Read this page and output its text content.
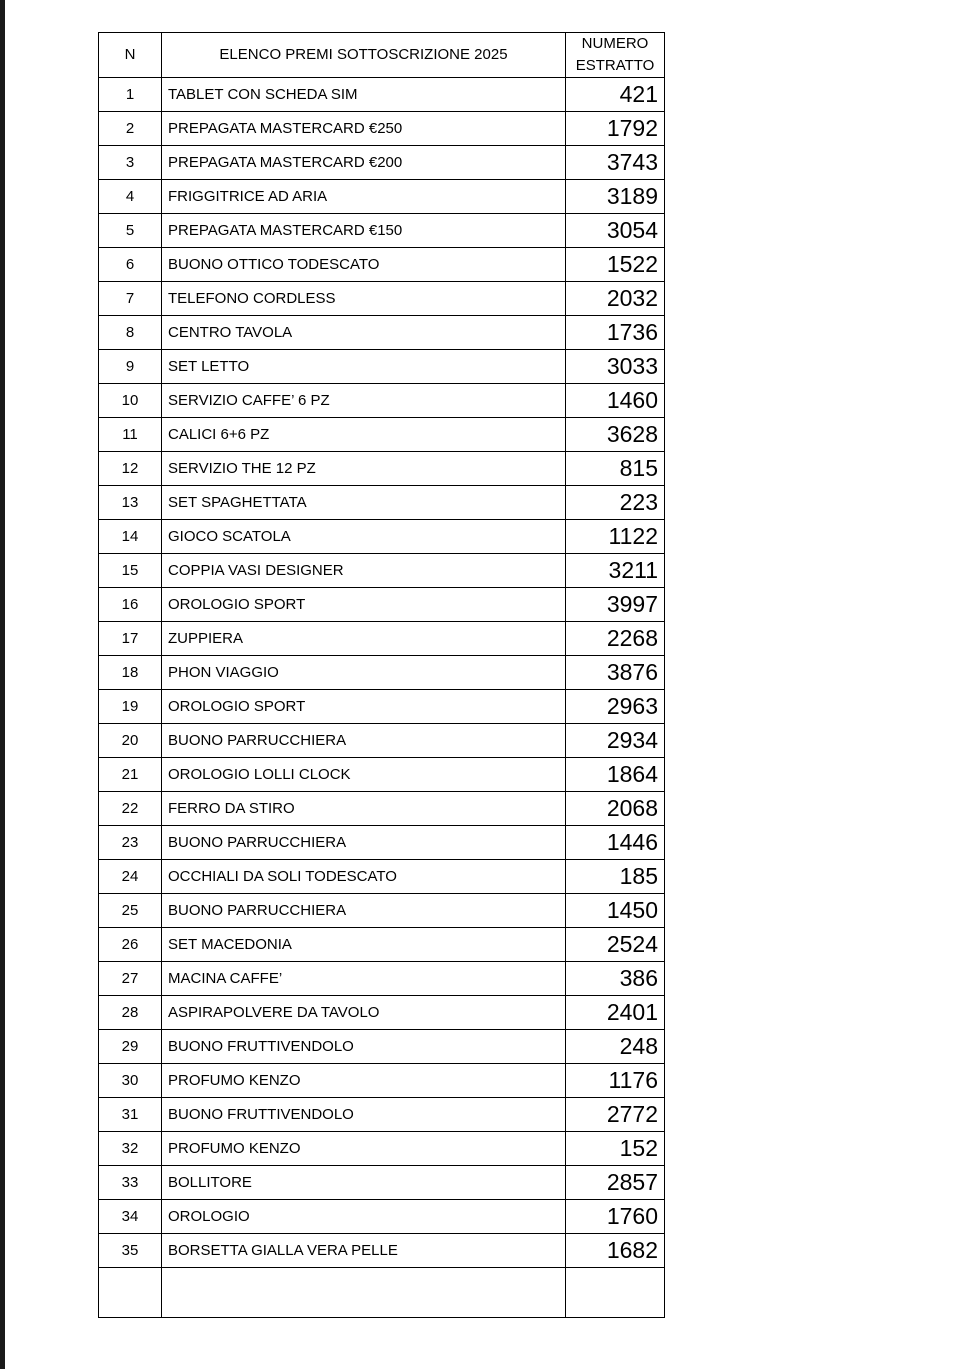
N	ELENCO PREMI SOTTOSCRIZIONE 2025	NUMERO
ESTRATTO

1	TABLET CON SCHEDA SIM	421
2	PREPAGATA MASTERCARD €250	1792
3	PREPAGATA MASTERCARD €200	3743
4	FRIGGITRICE AD ARIA	3189
5	PREPAGATA MASTERCARD €150	3054
6	BUONO OTTICO TODESCATO	1522
7	TELEFONO CORDLESS	2032
8	CENTRO TAVOLA	1736
9	SET LETTO	3033
10	SERVIZIO CAFFE’ 6 PZ	1460
11	CALICI 6+6 PZ	3628
12	SERVIZIO THE 12 PZ	815
13	SET SPAGHETTATA	223
14	GIOCO SCATOLA	1122
15	COPPIA VASI DESIGNER	3211
16	OROLOGIO SPORT	3997
17	ZUPPIERA	2268
18	PHON VIAGGIO	3876
19	OROLOGIO SPORT	2963
20	BUONO PARRUCCHIERA	2934
21	OROLOGIO LOLLI CLOCK	1864
22	FERRO DA STIRO	2068
23	BUONO PARRUCCHIERA	1446
24	OCCHIALI DA SOLI TODESCATO	185
25	BUONO PARRUCCHIERA	1450
26	SET MACEDONIA	2524
27	MACINA CAFFE’	386
28	ASPIRAPOLVERE DA TAVOLO	2401
29	BUONO FRUTTIVENDOLO	248
30	PROFUMO KENZO	1176
31	BUONO FRUTTIVENDOLO	2772
32	PROFUMO KENZO	152
33	BOLLITORE	2857
34	OROLOGIO	1760
35	BORSETTA GIALLA VERA PELLE	1682
